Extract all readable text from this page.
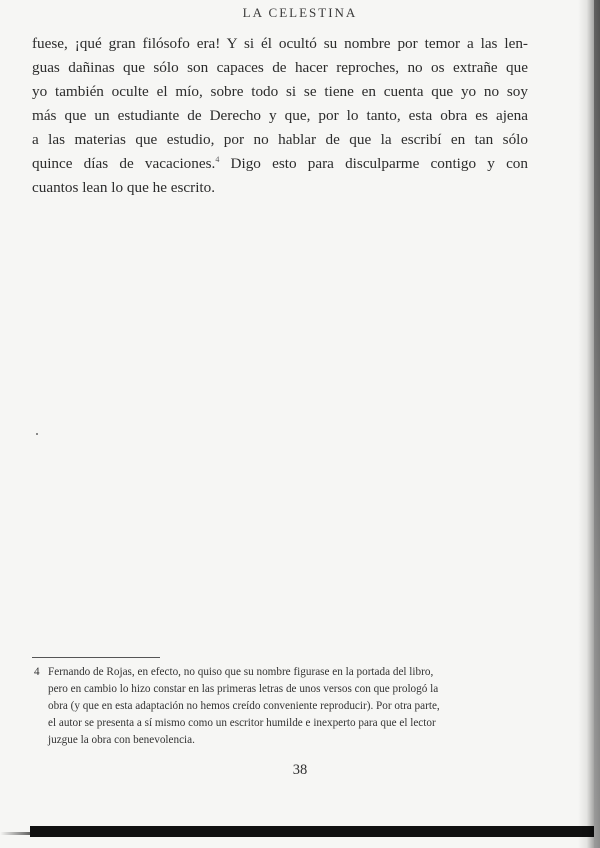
LA CELESTINA
fuese, ¡qué gran filósofo era! Y si él ocultó su nombre por temor a las len-
guas dañinas que sólo son capaces de hacer reproches, no os extrañe que
yo también oculte el mío, sobre todo si se tiene en cuenta que yo no soy
más que un estudiante de Derecho y que, por lo tanto, esta obra es ajena
a las materias que estudio, por no hablar de que la escribí en tan sólo
quince días de vacaciones.$^4$ Digo esto para disculparme contigo y con
cuantos lean lo que he escrito.
4 Fernando de Rojas, en efecto, no quiso que su nombre figurase en la portada del libro,
pero en cambio lo hizo constar en las primeras letras de unos versos con que prologó la
obra (y que en esta adaptación no hemos creído conveniente reproducir). Por otra parte,
el autor se presenta a sí mismo como un escritor humilde e inexperto para que el lector
juzgue la obra con benevolencia.
38
